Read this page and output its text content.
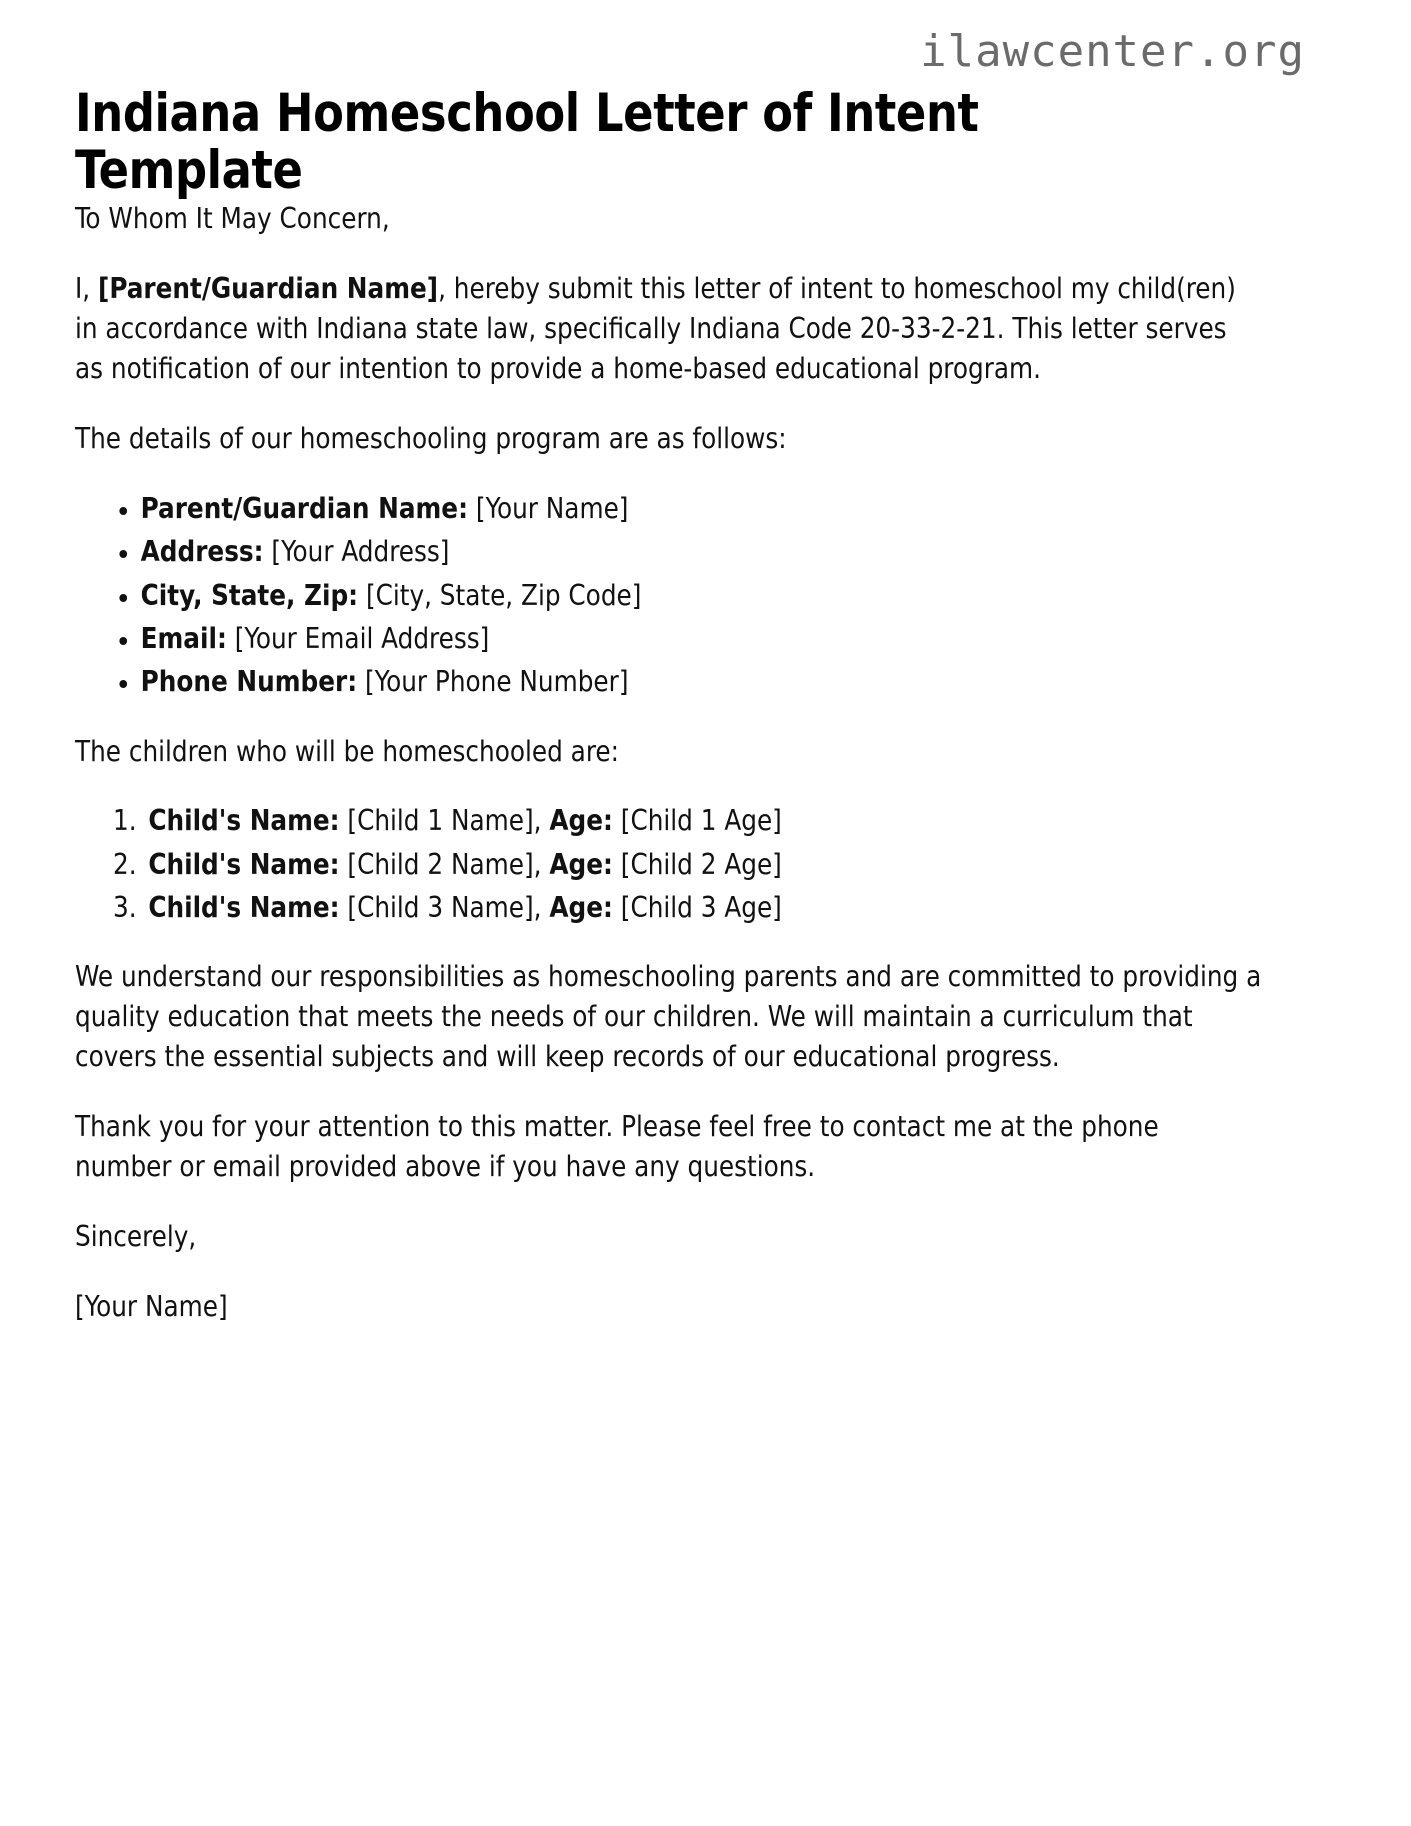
ilawcenter.org
Indiana Homeschool Letter of Intent Template

To Whom It May Concern,

I, [Parent/Guardian Name], hereby submit this letter of intent to homeschool my child(ren) in accordance with Indiana state law, specifically Indiana Code 20-33-2-21. This letter serves as notification of our intention to provide a home-based educational program.

The details of our homeschooling program are as follows:

• Parent/Guardian Name: [Your Name]
• Address: [Your Address]
• City, State, Zip: [City, State, Zip Code]
• Email: [Your Email Address]
• Phone Number: [Your Phone Number]

The children who will be homeschooled are:

1. Child's Name: [Child 1 Name], Age: [Child 1 Age]
2. Child's Name: [Child 2 Name], Age: [Child 2 Age]
3. Child's Name: [Child 3 Name], Age: [Child 3 Age]

We understand our responsibilities as homeschooling parents and are committed to providing a quality education that meets the needs of our children. We will maintain a curriculum that covers the essential subjects and will keep records of our educational progress.

Thank you for your attention to this matter. Please feel free to contact me at the phone number or email provided above if you have any questions.

Sincerely,

[Your Name]
